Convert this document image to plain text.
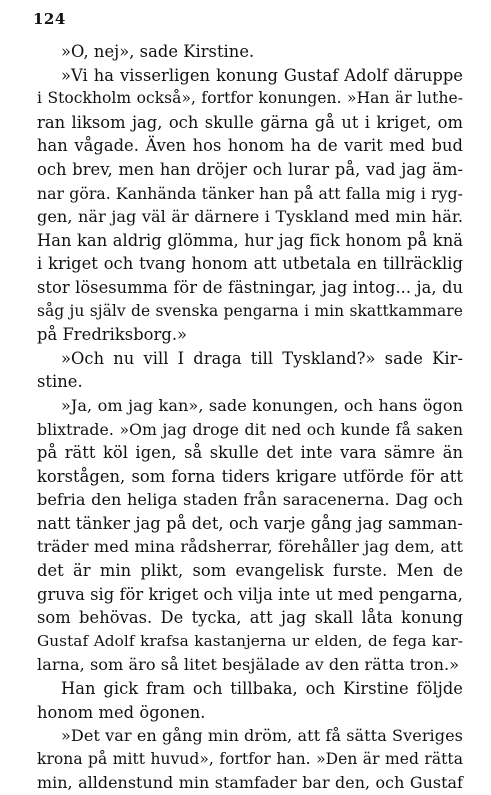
124
»O, nej», sade Kirstine.
»Vi ha visserligen konung Gustaf Adolf däruppe
i Stockholm också», fortfor konungen. »Han är luthe-
ran liksom jag, och skulle gärna gå ut i kriget, om
han vågade. Även hos honom ha de varit med bud
och brev, men han dröjer och lurar på, vad jag äm-
nar göra. Kanhända tänker han på att falla mig i ryg-
gen, när jag väl är därnere i Tyskland med min här.
Han kan aldrig glömma, hur jag fick honom på knä
i kriget och tvang honom att utbetala en tillräcklig
stor lösesumma för de fästningar, jag intog... ja, du
såg ju själv de svenska pengarna i min skattkammare
på Fredriksborg.»
»Och nu vill I draga till Tyskland?» sade Kir-
stine.
»Ja, om jag kan», sade konungen, och hans ögon
blixtrade. »Om jag droge dit ned och kunde få saken
på rätt köl igen, så skulle det inte vara sämre än
korstågen, som forna tiders krigare utförde för att
befria den heliga staden från saracenerna. Dag och
natt tänker jag på det, och varje gång jag samman-
träder med mina rådsherrar, förehåller jag dem, att
det är min plikt, som evangelisk furste. Men de
gruva sig för kriget och vilja inte ut med pengarna,
som behövas. De tycka, att jag skall låta konung
Gustaf Adolf krafsa kastanjerna ur elden, de fega kar-
larna, som äro så litet besjälade av den rätta tron.»
Han gick fram och tillbaka, och Kirstine följde
honom med ögonen.
»Det var en gång min dröm, att få sätta Sveriges
krona på mitt huvud», fortfor han. »Den är med rätta
min, alldenstund min stamfader bar den, och Gustaf
